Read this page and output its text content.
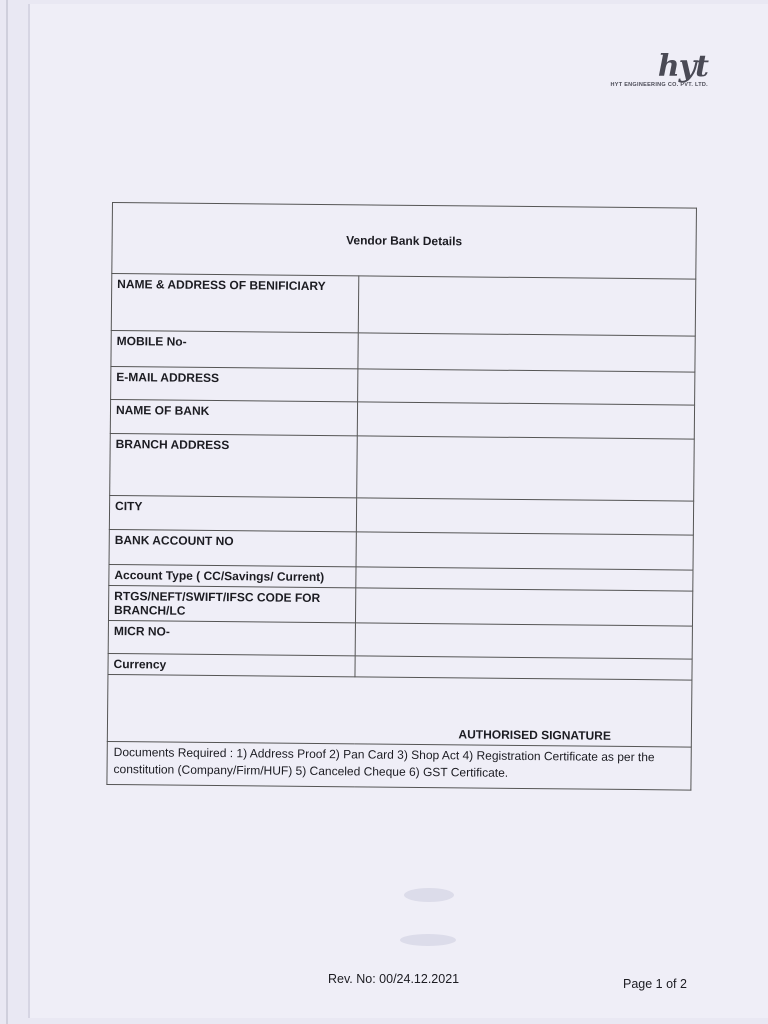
hyt
HYT ENGINEERING CO. PVT. LTD.
Vendor Bank Details	
NAME & ADDRESS OF BENIFICIARY	
MOBILE No-	
E-MAIL ADDRESS	
NAME OF BANK	
BRANCH ADDRESS	
CITY	
BANK ACCOUNT NO	
Account Type ( CC/Savings/ Current)	
RTGS/NEFT/SWIFT/IFSC CODE FOR BRANCH/LC	
MICR NO-	
Currency	
AUTHORISED SIGNATURE	
Documents Required : 1) Address Proof 2) Pan Card 3) Shop Act 4) Registration Certificate as per the constitution (Company/Firm/HUF) 5) Canceled Cheque 6) GST Certificate.	
Rev. No: 00/24.12.2021	Page 1 of 2
